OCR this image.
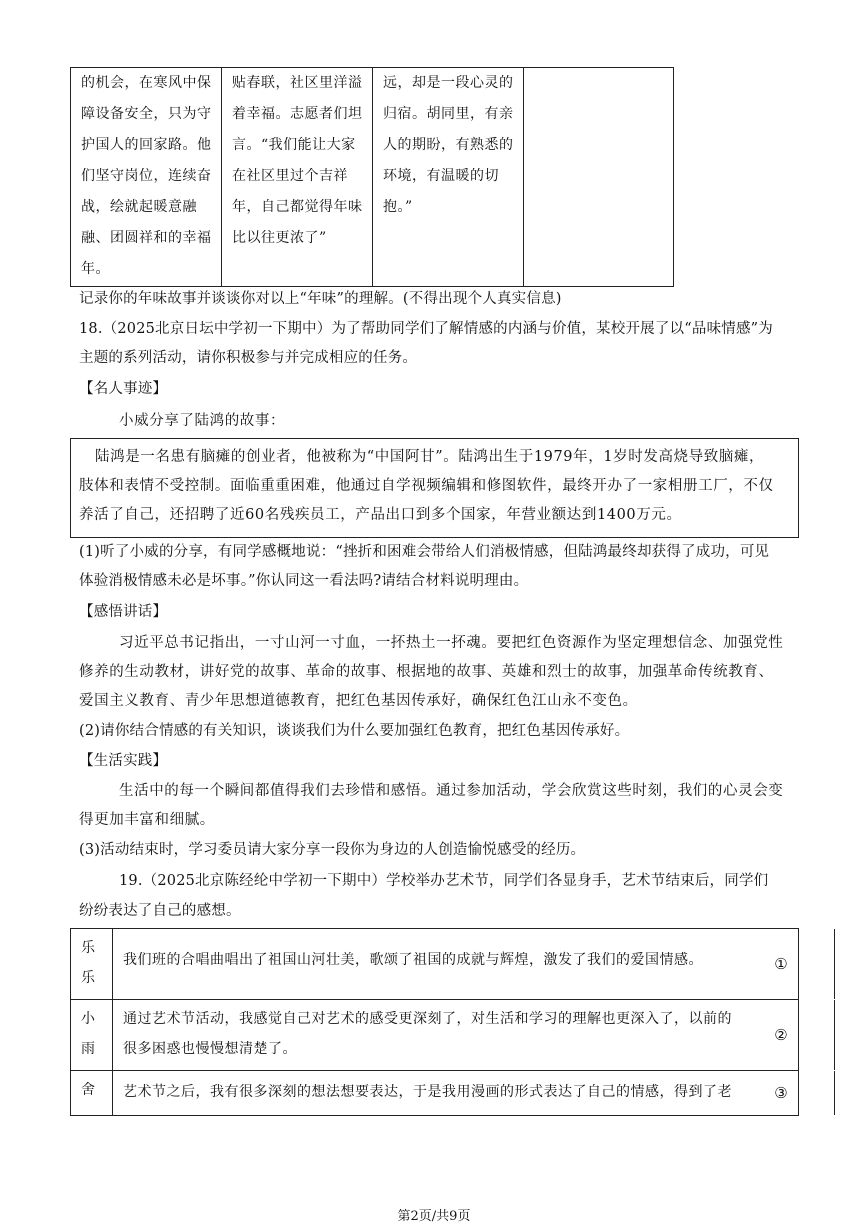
的机会，在寒风中保障设备安全，只为守护国人的回家路。他们坚守岗位，连续奋战，绘就起暖意融融、团圆祥和的幸福年。
贴春联，社区里洋溢着幸福。志愿者们坦言。“我们能让大家在社区里过个吉祥年，自己都觉得年味比以往更浓了”
远，却是一段心灵的归宿。胡同里，有亲人的期盼，有熟悉的环境，有温暖的切抱。”
记录你的年味故事并谈谈你对以上“年味”的理解。(不得出现个人真实信息)
18.（2025北京日坛中学初一下期中）为了帮助同学们了解情感的内涵与价值，某校开展了以“品味情感”为
主题的系列活动，请你积极参与并完成相应的任务。
【名人事迹】
小威分享了陆鸿的故事：
陆鸿是一名患有脑瘫的创业者，他被称为“中国阿甘”。陆鸿出生于1979年，1岁时发高烧导致脑瘫，
肢体和表情不受控制。面临重重困难，他通过自学视频编辑和修图软件，最终开办了一家相册工厂，不仅
养活了自己，还招聘了近60名残疾员工，产品出口到多个国家，年营业额达到1400万元。
(1)听了小威的分享，有同学感概地说：“挫折和困难会带给人们消极情感，但陆鸿最终却获得了成功，可见
体验消极情感未必是坏事。”你认同这一看法吗?请结合材料说明理由。
【感悟讲话】
习近平总书记指出，一寸山河一寸血，一抔热土一抔魂。要把红色资源作为坚定理想信念、加强党性
修养的生动教材，讲好党的故事、革命的故事、根据地的故事、英雄和烈士的故事，加强革命传统教育、
爱国主义教育、青少年思想道德教育，把红色基因传承好，确保红色江山永不变色。
(2)请你结合情感的有关知识，谈谈我们为什么要加强红色教育，把红色基因传承好。
【生活实践】
生活中的每一个瞬间都值得我们去珍惜和感悟。通过参加活动，学会欣赏这些时刻，我们的心灵会变
得更加丰富和细腻。
(3)活动结束时，学习委员请大家分享一段你为身边的人创造愉悦感受的经历。
19.（2025北京陈经纶中学初一下期中）学校举办艺术节，同学们各显身手，艺术节结束后，同学们
纷纷表达了自己的感想。
乐乐
我们班的合唱曲唱出了祖国山河壮美，歌颂了祖国的成就与辉煌，激发了我们的爱国情感。	①
小雨
通过艺术节活动，我感觉自己对艺术的感受更深刻了，对生活和学习的理解也更深入了，以前的
很多困惑也慢慢想清楚了。
②
舍 艺术节之后，我有很多深刻的想法想要表达，于是我用漫画的形式表达了自己的情感，得到了老	③
第2页/共9页
